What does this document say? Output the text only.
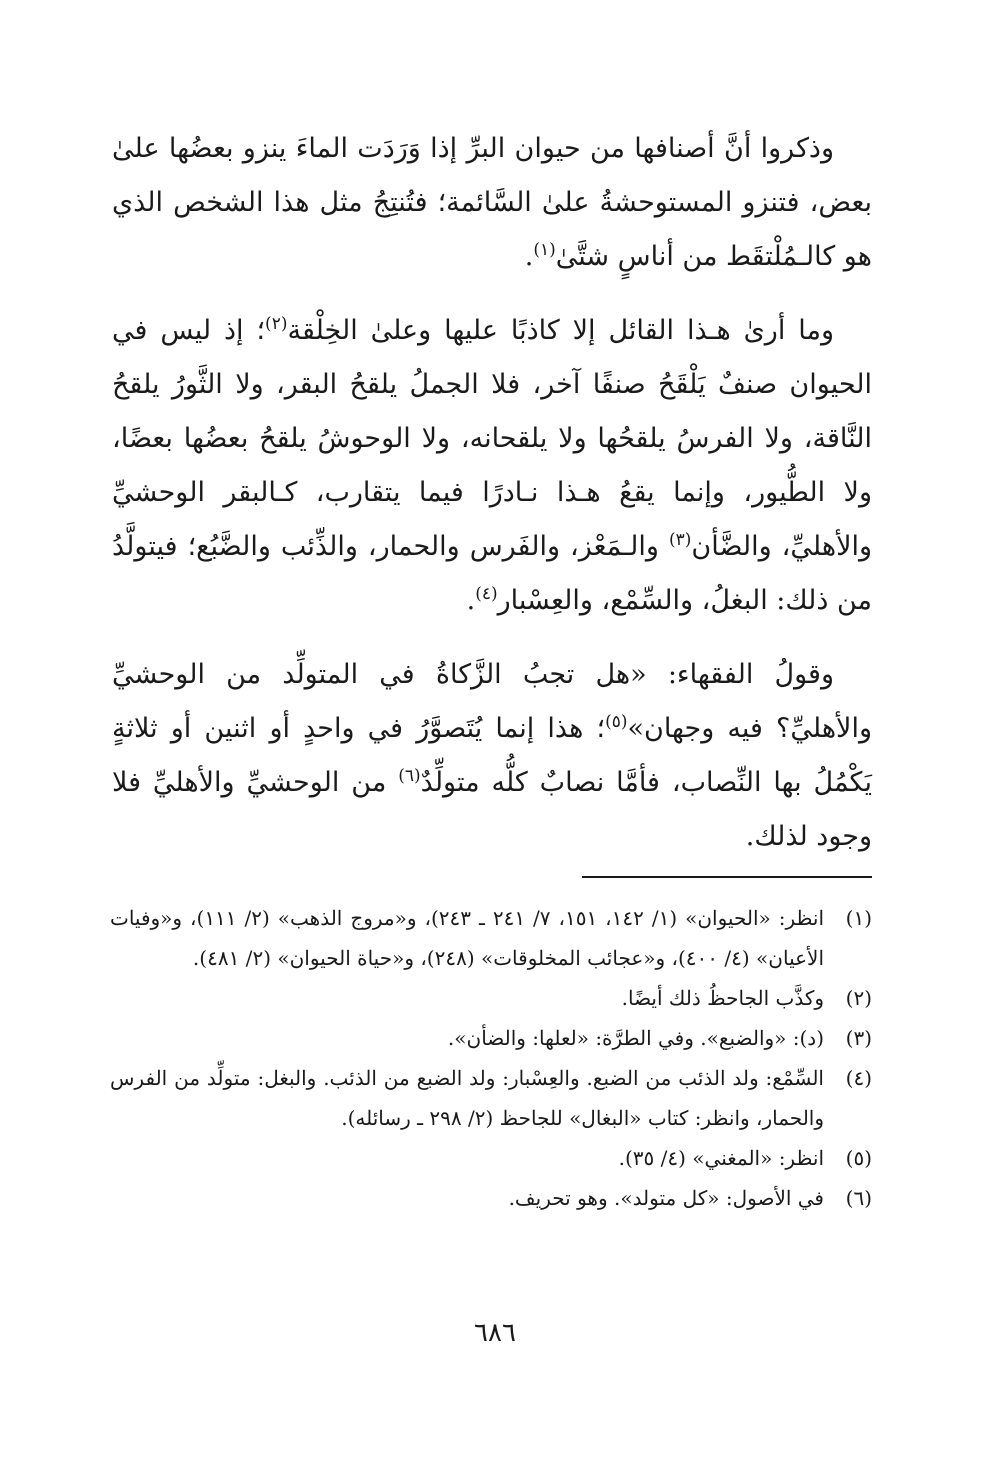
وذكروا أنَّ أصنافها من حيوان البرِّ إذا وَرَدَت الماءَ ينزو بعضُها علىٰ بعض، فتنزو المستوحشةُ علىٰ السَّائمة؛ فتُنتِجُ مثل هذا الشخص الذي هو كالـمُلْتقَط من أناسٍ شتَّىٰ$^{(١)}$.

وما أرىٰ هـذا القائل إلا كاذبًا عليها وعلىٰ الخِلْقة$^{(٢)}$؛ إذ ليس في الحيوان صنفٌ يَلْقَحُ صنفًا آخر، فلا الجملُ يلقحُ البقر، ولا الثَّورُ يلقحُ النَّاقة، ولا الفرسُ يلقحُها ولا يلقحانه، ولا الوحوشُ يلقحُ بعضُها بعضًا، ولا الطُّيور، وإنما يقعُ هـذا نـادرًا فيما يتقارب، كـالبقر الوحشيِّ والأهليِّ، والضَّأن$^{(٣)}$ والـمَعْز، والفَرس والحمار، والذِّئب والضَّبُع؛ فيتولَّدُ من ذلك: البغلُ، والسِّمْع، والعِسْبار$^{(٤)}$.

وقولُ الفقهاء: «هل تجبُ الزَّكاةُ في المتولِّد من الوحشيِّ والأهليِّ؟ فيه وجهان»$^{(٥)}$؛ هذا إنما يُتَصوَّرُ في واحدٍ أو اثنين أو ثلاثةٍ يَكْمُلُ بها النِّصاب، فأمَّا نصابٌ كلُّه متولِّدٌ$^{(٦)}$ من الوحشيِّ والأهليِّ فلا وجود لذلك.

(١)
انظر: «الحيوان» (١/ ١٤٢، ١٥١، ٧/ ٢٤١ ـ ٢٤٣)، و«مروج الذهب» (٢/ ١١١)، و«وفيات الأعيان» (٤/ ٤٠٠)، و«عجائب المخلوقات» (٢٤٨)، و«حياة الحيوان» (٢/ ٤٨١).
(٢)
وكذَّب الجاحظُ ذلك أيضًا.
(٣)
(د): «والضبع». وفي الطرَّة: «لعلها: والضأن».
(٤)
السِّمْع: ولد الذئب من الضبع. والعِسْبار: ولد الضبع من الذئب. والبغل: متولِّد من الفرس والحمار، وانظر: كتاب «البغال» للجاحظ (٢/ ٢٩٨ ـ رسائله).
(٥)
انظر: «المغني» (٤/ ٣٥).
(٦)
في الأصول: «كل متولد». وهو تحريف.
٦٨٦
